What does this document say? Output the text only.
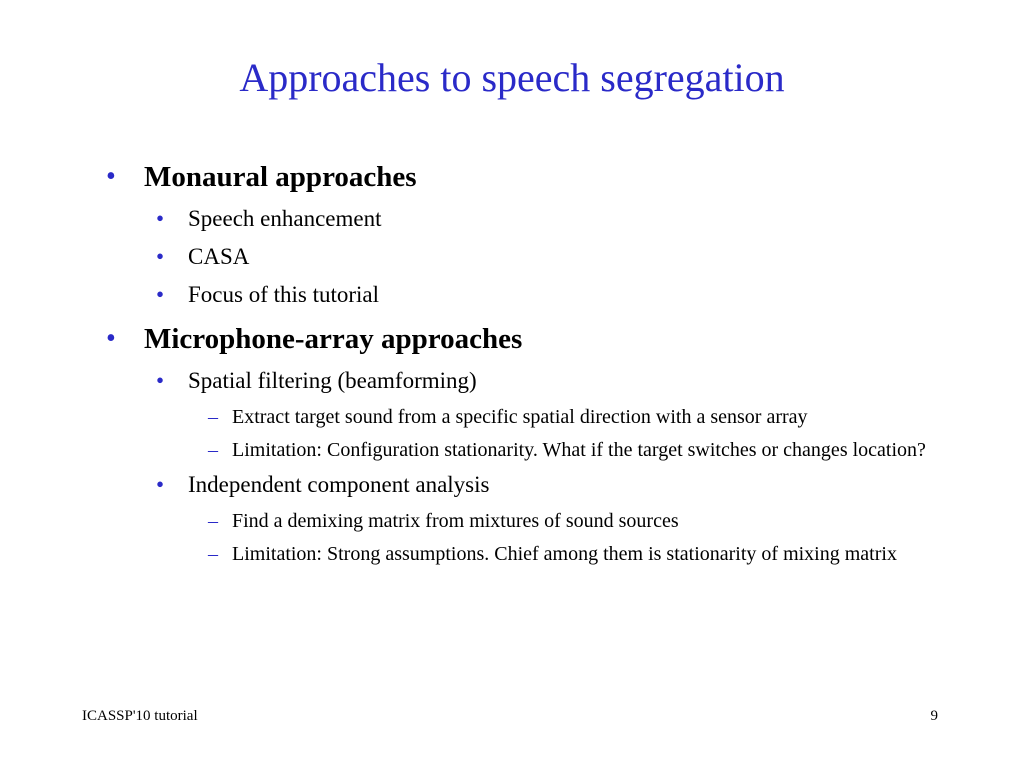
Approaches to speech segregation
• Monaural approaches
• Speech enhancement
• CASA
• Focus of this tutorial
• Microphone-array approaches
• Spatial filtering (beamforming)
– Extract target sound from a specific spatial direction with a sensor array
– Limitation: Configuration stationarity. What if the target switches or changes location?
• Independent component analysis
– Find a demixing matrix from mixtures of sound sources
– Limitation: Strong assumptions. Chief among them is stationarity of mixing matrix
ICASSP'10 tutorial	9
